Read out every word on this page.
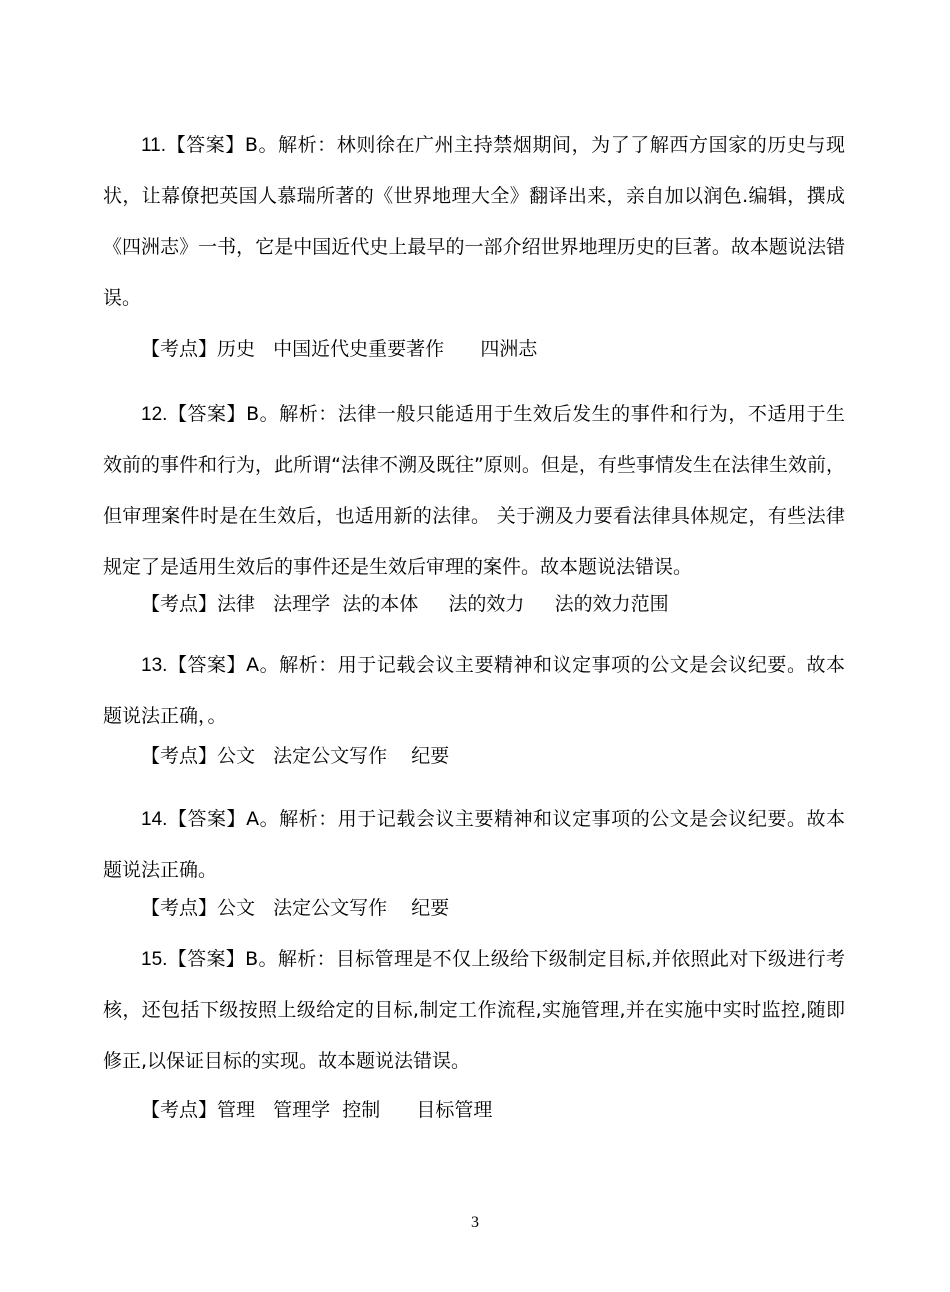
11.【答案】B。解析：林则徐在广州主持禁烟期间，为了了解西方国家的历史与现状，让幕僚把英国人慕瑞所著的《世界地理大全》翻译出来，亲自加以润色.编辑，撰成《四洲志》一书，它是中国近代史上最早的一部介绍世界地理历史的巨著。故本题说法错误。

【考点】历史   中国近代史重要著作      四洲志

12.【答案】B。解析：法律一般只能适用于生效后发生的事件和行为，不适用于生效前的事件和行为，此所谓“法律不溯及既往”原则。但是，有些事情发生在法律生效前，但审理案件时是在生效后，也适用新的法律。 关于溯及力要看法律具体规定，有些法律规定了是适用生效后的事件还是生效后审理的案件。故本题说法错误。

【考点】法律   法理学  法的本体     法的效力     法的效力范围

13.【答案】A。解析：用于记载会议主要精神和议定事项的公文是会议纪要。故本题说法正确，。

【考点】公文   法定公文写作    纪要

14.【答案】A。解析：用于记载会议主要精神和议定事项的公文是会议纪要。故本题说法正确。

【考点】公文   法定公文写作    纪要

15.【答案】B。解析：目标管理是不仅上级给下级制定目标,并依照此对下级进行考核，还包括下级按照上级给定的目标,制定工作流程,实施管理,并在实施中实时监控,随即修正,以保证目标的实现。故本题说法错误。

【考点】管理   管理学  控制      目标管理

3
